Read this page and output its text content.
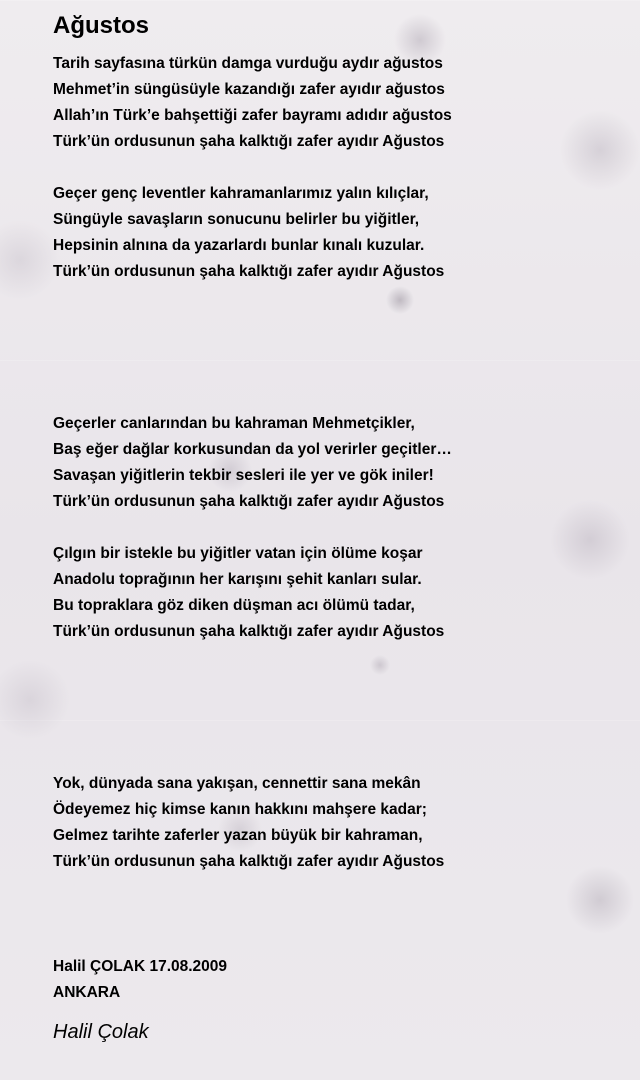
Ağustos
Tarih sayfasına türkün damga vurduğu aydır ağustos
Mehmet’in süngüsüyle kazandığı zafer ayıdır ağustos
Allah’ın Türk’e bahşettiği zafer bayramı adıdır ağustos
Türk’ün ordusunun şaha kalktığı zafer ayıdır Ağustos
Geçer genç leventler kahramanlarımız yalın kılıçlar,
Süngüyle savaşların sonucunu belirler bu yiğitler,
Hepsinin alnına da yazarlardı bunlar kınalı kuzular.
Türk’ün ordusunun şaha kalktığı zafer ayıdır Ağustos
Geçerler canlarından bu kahraman Mehmetçikler,
Baş eğer dağlar korkusundan da yol verirler geçitler…
Savaşan yiğitlerin tekbir sesleri ile yer ve gök iniler!
Türk’ün ordusunun şaha kalktığı zafer ayıdır Ağustos
Çılgın bir istekle bu yiğitler vatan için ölüme koşar
Anadolu toprağının her karışını şehit kanları sular.
Bu topraklara göz diken düşman acı ölümü tadar,
Türk’ün ordusunun şaha kalktığı zafer ayıdır Ağustos
Yok, dünyada sana yakışan, cennettir sana mekân
Ödeyemez hiç kimse kanın hakkını mahşere kadar;
Gelmez tarihte zaferler yazan büyük bir kahraman,
Türk’ün ordusunun şaha kalktığı zafer ayıdır Ağustos
Halil ÇOLAK 17.08.2009
ANKARA
Halil Çolak
